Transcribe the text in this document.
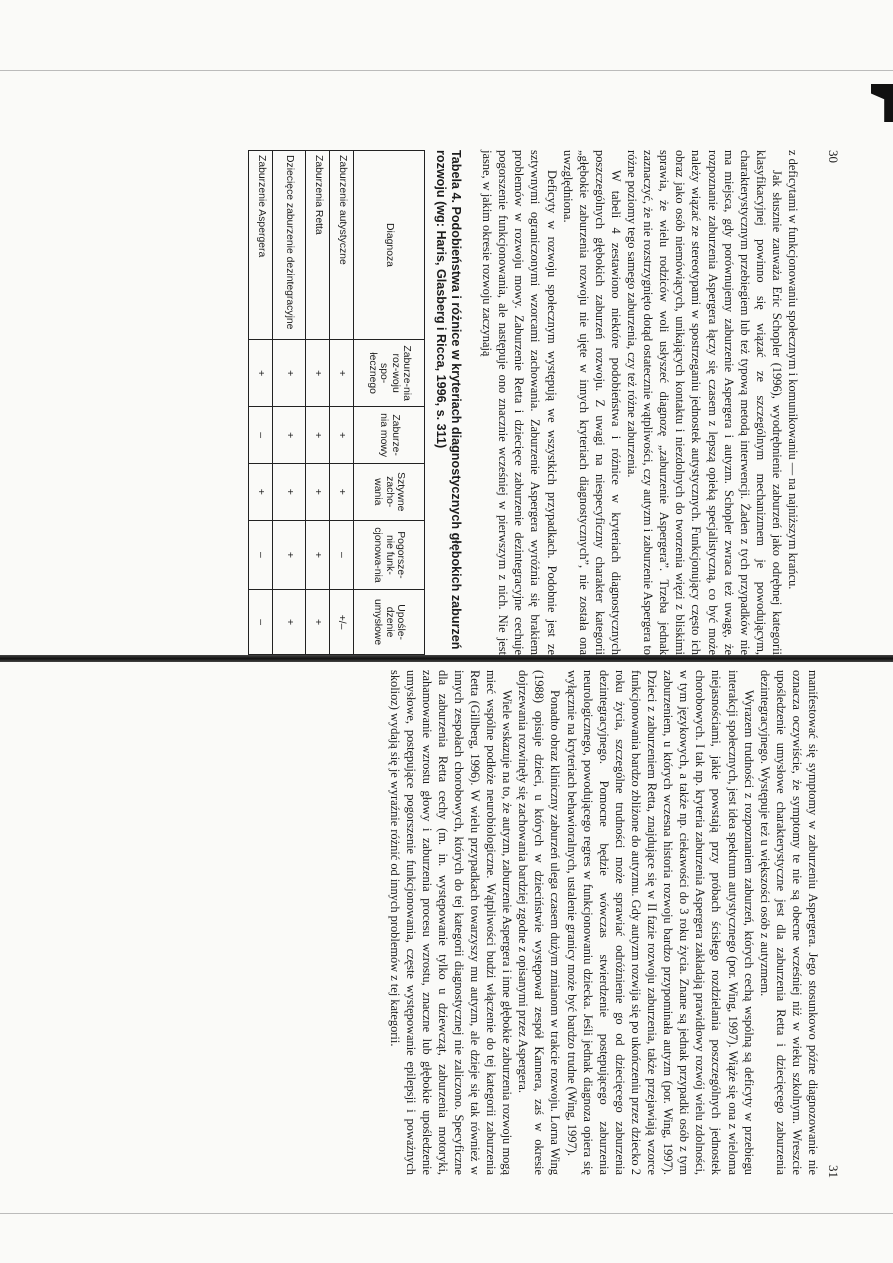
30
31

z deficytami w funkcjonowaniu społecznym i komunikowaniu — na najniższym krańcu.

Jak słusznie zauważa Eric Schopler (1996), wyodrębnienie zaburzeń jako odrębnej kategorii klasyfikacyjnej powinno się wiązać ze szczególnym mechanizmem je powodującym, charakterystycznym przebiegiem lub też typową metodą interwencji. Żaden z tych przypadków nie ma miejsca, gdy porównujemy zaburzenie Aspergera i autyzm. Schopler zwraca też uwagę, że rozpoznanie zaburzenia Aspergera łączy się czasem z lepszą opieką specjalistyczną, co być może należy wiązać ze stereotypami w spostrzeganiu jednostek autystycznych. Funkcjonujący często ich obraz jako osób niemówiących, unikających kontaktu i niezdolnych do tworzenia więzi z bliskimi sprawia, że wielu rodziców woli usłyszeć diagnozę „zaburzenie Aspergera”. Trzeba jednak zaznaczyć, że nie rozstrzygnięto dotąd ostatecznie wątpliwości, czy autyzm i zaburzenie Aspergera to różne poziomy tego samego zaburzenia, czy też różne zaburzenia.

W tabeli 4 zestawiono niektóre podobieństwa i różnice w kryteriach diagnostycznych poszczególnych głębokich zaburzeń rozwoju. Z uwagi na niespecyficzny charakter kategorii „głębokie zaburzenia rozwoju nie ujęte w innych kryteriach diagnostycznych”, nie została ona uwzględniona.

Deficyty w rozwoju społecznym występują we wszystkich przypadkach. Podobnie jest ze sztywnymi ograniczonymi wzorcami zachowania. Zaburzenie Aspergera wyróżnia się brakiem problemów w rozwoju mowy. Zaburzenie Retta i dziecięce zaburzenie dezintegracyjne cechuje pogorszenie funkcjonowania, ale następuje ono znacznie wcześniej w pierwszym z nich. Nie jest jasne, w jakim okresie rozwoju zaczynają

Tabela 4. Podobieństwa i różnice w kryteriach diagnostycznych głębokich zaburzeń rozwoju (wg: Haris, Glasberg i Ricca, 1996, s. 311)
Diagnoza	Zaburze-nia roz-woju spo-łecznego	Zaburze-nia mowy	Sztywne zacho-wania	Pogorsze-nie funk-cjonowa-nia	Upośle-dzenie umysłowe
Zaburzenie autystyczne	+	+	+	–	+/–
Zaburzenia Retta	+	+	+	+	+
Dziecięce zaburzenie dezintegracyjne	+	+	+	+	+
Zaburzenie Aspergera	+	–	+	–	–

manifestować się symptomy w zaburzeniu Aspergera. Jego stosunkowo późne diagnozowanie nie oznacza oczywiście, że symptomy te nie są obecne wcześniej niż w wieku szkolnym. Wreszcie upośledzenie umysłowe charakterystyczne jest dla zaburzenia Retta i dziecięcego zaburzenia dezintegracyjnego. Występuje też u większości osób z autyzmem.

Wyrazem trudności z rozpoznaniem zaburzeń, których cechą wspólną są deficyty w przebiegu interakcji społecznych, jest idea spektrum autystycznego (por. Wing, 1997). Wiąże się ona z wieloma niejasnościami, jakie powstają przy próbach ścisłego rozdzielania poszczególnych jednostek chorobowych. I tak np. kryteria zaburzenia Aspergera zakładają prawidłowy rozwój wielu zdolności, w tym językowych, a także np. ciekawości do 3 roku życia. Znane są jednak przypadki osób z tym zaburzeniem, u których wczesna historia rozwoju bardzo przypominała autyzm (por. Wing, 1997). Dzieci z zaburzeniem Retta, znajdujące się w II fazie rozwoju zaburzenia, także przejawiają wzorce funkcjonowania bardzo zbliżone do autyzmu. Gdy autyzm rozwija się po ukończeniu przez dziecko 2 roku życia, szczególne trudności może sprawiać odróżnienie go od dziecięcego zaburzenia dezintegracyjnego. Pomocne będzie wówczas stwierdzenie postępującego zaburzenia neurologicznego, powodującego regres w funkcjonowaniu dziecka. Jeśli jednak diagnoza opiera się wyłącznie na kryteriach behawioralnych, ustalenie granicy może być bardzo trudne (Wing, 1997).

Ponadto obraz kliniczny zaburzeń ulega czasem dużym zmianom w trakcie rozwoju. Lorna Wing (1988) opisuje dzieci, u których w dzieciństwie występował zespół Kannera, zaś w okresie dojrzewania rozwinęły się zachowania bardziej zgodne z opisanymi przez Aspergera.

Wiele wskazuje na to, że autyzm, zaburzenie Aspergera i inne głębokie zaburzenia rozwoju mogą mieć wspólne podłoże neurobiologiczne. Wątpliwości budzi włączenie do tej kategorii zaburzenia Retta (Gillberg, 1996). W wielu przypadkach towarzyszy mu autyzm, ale dzieje się tak również w innych zespołach chorobowych, których do tej kategorii diagnostycznej nie zaliczono. Specyficzne dla zaburzenia Retta cechy (m. in. występowanie tylko u dziewcząt, zaburzenia motoryki, zahamowanie wzrostu głowy i zaburzenia procesu wzrostu, znaczne lub głębokie upośledzenie umysłowe, postępujące pogorszenie funkcjonowania, częste występowanie epilepsji i poważnych skolioz) wydają się je wyraźnie różnić od innych problemów z tej kategorii.
